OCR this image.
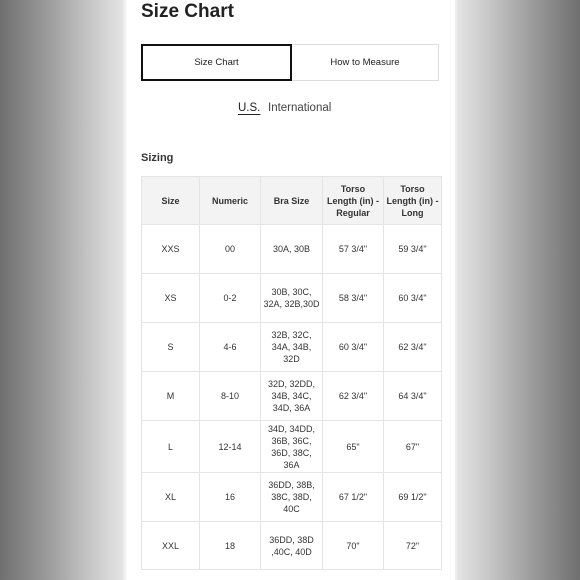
Size Chart
Size Chart	How to Measure
U.S. International
Sizing
Size	Numeric	Bra Size	Torso Length (in) - Regular	Torso Length (in) - Long
XXS	00	30A, 30B	57 3/4"	59 3/4"
XS	0-2	30B, 30C, 32A, 32B,30D	58 3/4"	60 3/4"
S	4-6	32B, 32C, 34A, 34B, 32D	60 3/4"	62 3/4"
M	8-10	32D, 32DD, 34B, 34C, 34D, 36A	62 3/4"	64 3/4"
L	12-14	34D, 34DD, 36B, 36C, 36D, 38C, 36A	65"	67"
XL	16	36DD, 38B, 38C, 38D, 40C	67 1/2"	69 1/2"
XXL	18	36DD, 38D ,40C, 40D	70"	72"
